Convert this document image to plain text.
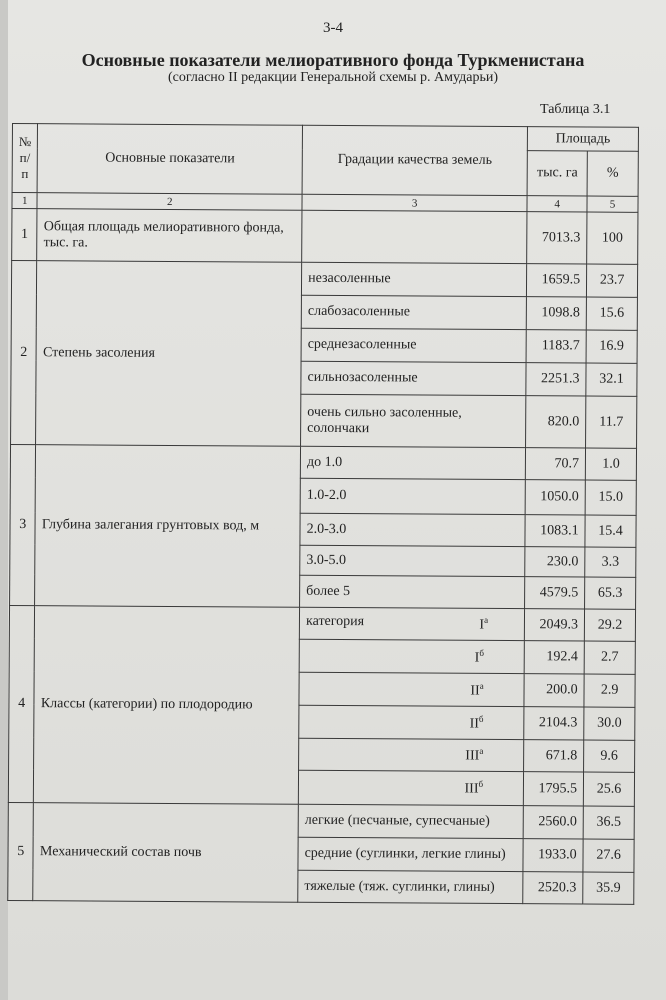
3-4
Основные показатели мелиоративного фонда Туркменистана
(согласно II редакции Генеральной схемы р. Амударьи)
Таблица 3.1
№ п/п	Основные показатели	Градации качества земель	Площадь	
			тыс. га	%
1	2	3	4	5
1	Общая площадь мелиоративного фонда, тыс. га.		7013.3	100
2	Степень засоления	незасоленные	1659.5	23.7
		слабозасоленные	1098.8	15.6
		среднезасоленные	1183.7	16.9
		сильнозасоленные	2251.3	32.1
		очень сильно засоленные, солончаки	820.0	11.7
3	Глубина залегания грунтовых вод, м	до 1.0	70.7	1.0
		1.0-2.0	1050.0	15.0
		2.0-3.0	1083.1	15.4
		3.0-5.0	230.0	3.3
		более 5	4579.5	65.3
4	Классы (категории) по плодородию	категория $I^а$	2049.3	29.2
		$I^б$	192.4	2.7
		$II^а$	200.0	2.9
		$II^б$	2104.3	30.0
		$III^а$	671.8	9.6
		$III^б$	1795.5	25.6
5	Механический состав почв	легкие (песчаные, супесчаные)	2560.0	36.5
		средние (суглинки, легкие глины)	1933.0	27.6
		тяжелые (тяж. суглинки, глины)	2520.3	35.9
